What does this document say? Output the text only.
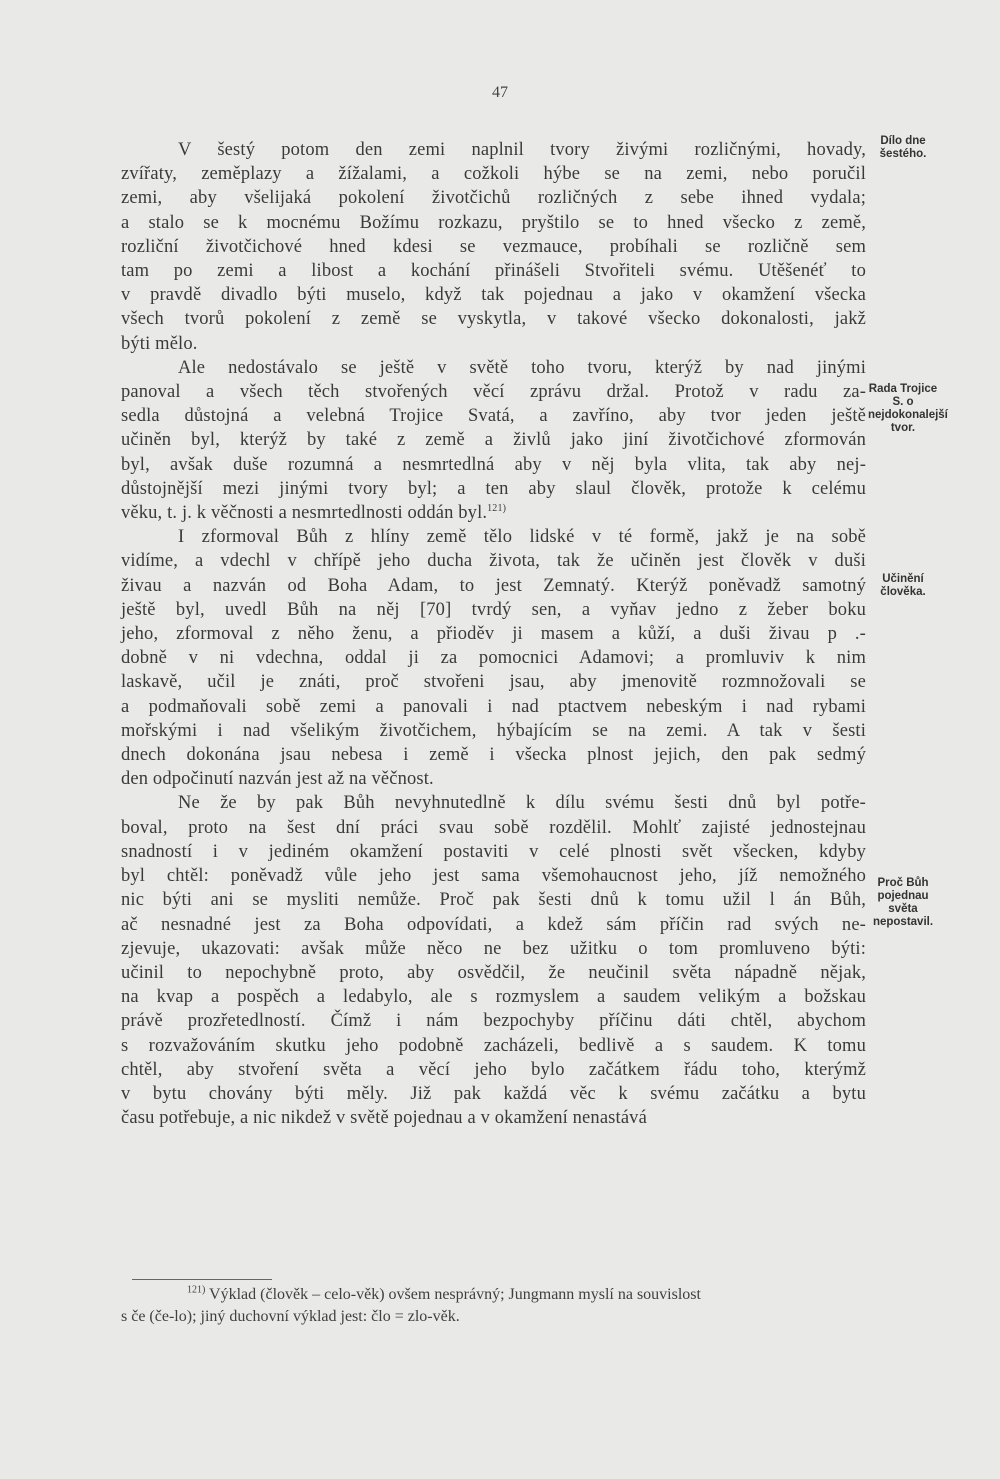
47
V šestý potom den zemi naplnil tvory živými rozličnými, hovady,
zvířaty, zeměplazy a žížalami, a cožkoli hýbe se na zemi, nebo poručil
zemi, aby všelijaká pokolení životčichů rozličných z sebe ihned vydala;
a stalo se k mocnému Božímu rozkazu, pryštilo se to hned všecko z země,
rozliční životčichové hned kdesi se vezmauce, probíhali se rozličně sem
tam po zemi a libost a kochání přinášeli Stvořiteli svému. Utěšenéť to
v pravdě divadlo býti muselo, když tak pojednau a jako v okamžení všecka
všech tvorů pokolení z země se vyskytla, v takové všecko dokonalosti, jakž
býti mělo.
Ale nedostávalo se ještě v světě toho tvoru, kterýž by nad jinými
panoval a všech těch stvořených věcí zprávu držal. Protož v radu za-
sedla důstojná a velebná Trojice Svatá, a zavřínо, aby tvor jeden ještě
učiněn byl, kterýž by také z země a živlů jako jiní životčichové zformován
byl, avšak duše rozumná a nesmrtedlná aby v něj byla vlita, tak aby nej-
důstojnější mezi jinými tvory byl; a ten aby slaul člověk, protože k celému
věku, t. j. k věčnosti a nesmrtedlnosti oddán byl.$^{121)}$
I zformoval Bůh z hlíny země tělo lidské v té formě, jakž je na sobě
vidíme, a vdechl v chřípě jeho ducha života, tak že učiněn jest člověk v duši
živau a nazván od Boha Adam, to jest Zemnatý. Kterýž poněvadž samotný
ještě byl, uvedl Bůh na něj [70] tvrdý sen, a vyňav jedno z žeber boku
jeho, zformoval z něho ženu, a přioděv ji masem a kůží, a duši živau p .-
dobně v ni vdechna, oddal ji za pomocnici Adamovi; a promluviv k nim
laskavě, učil je znáti, proč stvořeni jsau, aby jmenovitě rozmnožovali se
a podmaňovali sobě zemi a panovali i nad ptactvem nebeským i nad rybami
mořskými i nad všelikým životčichem, hýbajícím se na zemi. A tak v šesti
dnech dokonána jsau nebesa i země i všecka plnost jejich, den pak sedmý
den odpočinutí nazván jest až na věčnost.
Ne že by pak Bůh nevyhnutedlně k dílu svému šesti dnů byl potře-
boval, proto na šest dní práci svau sobě rozdělil. Mohlť zajisté jednostejnau
snadností i v jediném okamžení postaviti v celé plnosti svět všecken, kdyby
byl chtěl: poněvadž vůle jeho jest sama všemohaucnost jeho, jíž nemožného
nic býti ani se mysliti nemůže. Proč pak šesti dnů k tomu užil l án Bůh,
ač nesnadné jest za Boha odpovídati, a kdež sám příčin rad svých ne-
zjevuje, ukazovati: avšak může něco ne bez užitku o tom promluveno býti:
učinil to nepochybně proto, aby osvědčil, že neučinil světa nápadně nějak,
na kvap a pospěch a ledabylo, ale s rozmyslem a saudem velikým a božskau
právě prozřetedlností. Čímž i nám bezpochyby příčinu dáti chtěl, abychom
s rozvažováním skutku jeho podobně zacházeli, bedlivě a s saudem. K tomu
chtěl, aby stvoření světa a věcí jeho bylo začátkem řádu toho, kterýmž
v bytu chovány býti měly. Již pak každá věc k svému začátku a bytu
času potřebuje, a nic nikdež v světě pojednau a v okamžení nenastává
Dílo dne šestého.
Rada Trojice S. o nejdokonalejší tvor.
Učinění člověka.
Proč Bůh pojednau světa nepostavil.
$^{121)}$ Výklad (člověk – celo-věk) ovšem nesprávný; Jungmann myslí na souvislost
s če (če-lo); jiný duchovní výklad jest: člo = zlo-věk.
